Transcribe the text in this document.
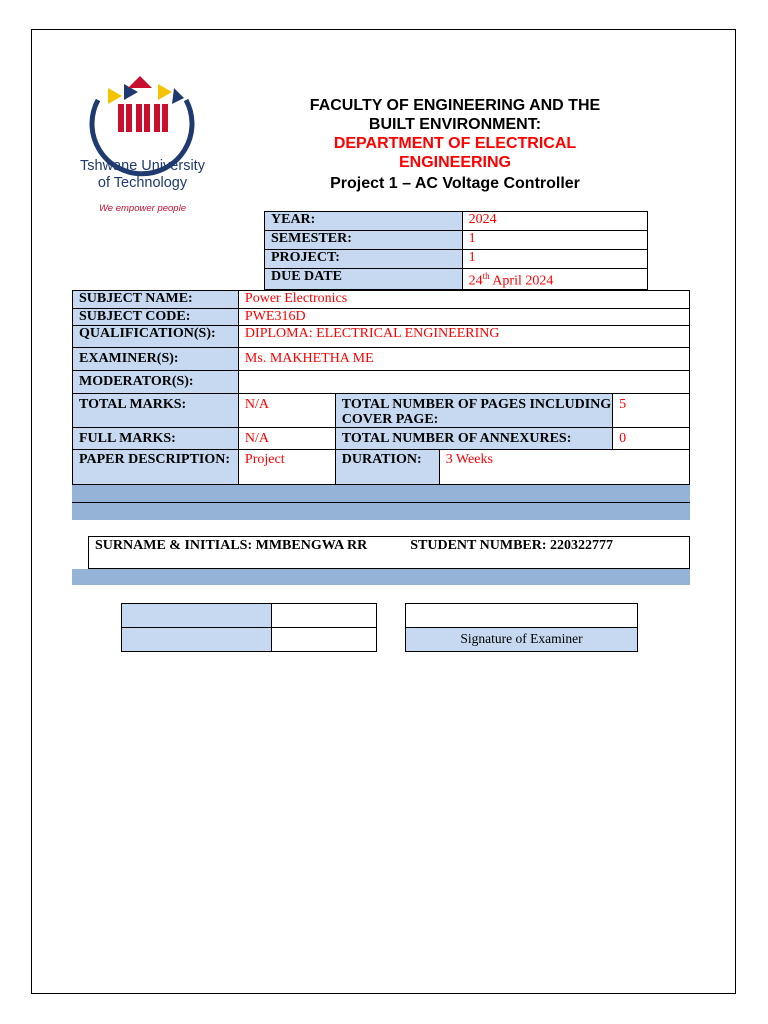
Tshwane University
of Technology
We empower people
FACULTY OF ENGINEERING AND THE
BUILT ENVIRONMENT:
DEPARTMENT OF ELECTRICAL
ENGINEERING
Project 1 – AC Voltage Controller
YEAR:	2024
SEMESTER:	1
PROJECT:	1
DUE DATE	24th April 2024
SUBJECT NAME:	Power Electronics			
SUBJECT CODE:	PWE316D			
QUALIFICATION(S):	DIPLOMA: ELECTRICAL ENGINEERING			
EXAMINER(S):	Ms. MAKHETHA ME			
MODERATOR(S):				
TOTAL MARKS:	N/A	TOTAL NUMBER OF PAGES INCLUDING COVER PAGE:		5
FULL MARKS:	N/A	TOTAL NUMBER OF ANNEXURES:		0
PAPER DESCRIPTION:	Project	DURATION:	3 Weeks	
SURNAME & INITIALS: MMBENGWA RR	STUDENT NUMBER: 220322777

Signature of Examiner
